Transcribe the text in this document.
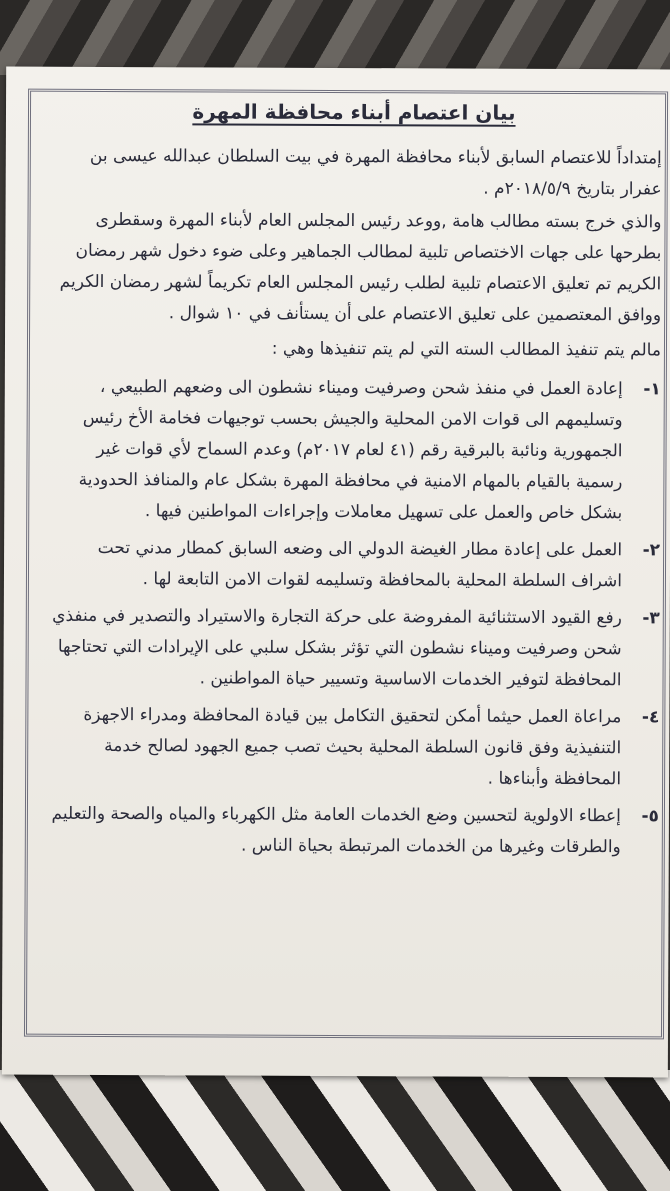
بيان اعتصام أبناء محافظة المهرة

إمتداداً للاعتصام السابق لأبناء محافظة المهرة في بيت السلطان عبدالله عيسى بن عفرار بتاريخ ٢٠١٨/٥/٩م .

والذي خرج بسته مطالب هامة ,ووعد رئيس المجلس العام لأبناء المهرة وسقطرى بطرحها على جهات الاختصاص تلبية لمطالب الجماهير وعلى ضوء دخول شهر رمضان الكريم تم تعليق الاعتصام تلبية لطلب رئيس المجلس العام تكريماً لشهر رمضان الكريم ووافق المعتصمين على تعليق الاعتصام على أن يستأنف في ١٠ شوال .

مالم يتم تنفيذ المطالب السته التي لم يتم تنفيذها وهي :

١-
إعادة العمل في منفذ شحن وصرفيت وميناء نشطون الى وضعهم الطبيعي ، وتسليمهم الى قوات الامن المحلية والجيش بحسب توجيهات فخامة الأخ رئيس الجمهورية ونائبة بالبرقية رقم (٤١ لعام ٢٠١٧م) وعدم السماح لأي قوات غير رسمية بالقيام بالمهام الامنية في محافظة المهرة بشكل عام والمنافذ الحدودية بشكل خاص والعمل على تسهيل معاملات وإجراءات المواطنين فيها .
٢-
العمل على إعادة مطار الغيضة الدولي الى وضعه السابق كمطار مدني تحت اشراف السلطة المحلية بالمحافظة وتسليمه لقوات الامن التابعة لها .
٣-
رفع القيود الاستثنائية المفروضة على حركة التجارة والاستيراد والتصدير في منفذي شحن وصرفيت وميناء نشطون التي تؤثر بشكل سلبي على الإيرادات التي تحتاجها المحافظة لتوفير الخدمات الاساسية وتسيير حياة المواطنين .
٤-
مراعاة العمل حيثما أمكن لتحقيق التكامل بين قيادة المحافظة ومدراء الاجهزة التنفيذية وفق قانون السلطة المحلية بحيث تصب جميع الجهود لصالح خدمة المحافظة وأبناءها .
٥-
إعطاء الاولوية لتحسين وضع الخدمات العامة مثل الكهرباء والمياه والصحة والتعليم والطرقات وغيرها من الخدمات المرتبطة بحياة الناس .
